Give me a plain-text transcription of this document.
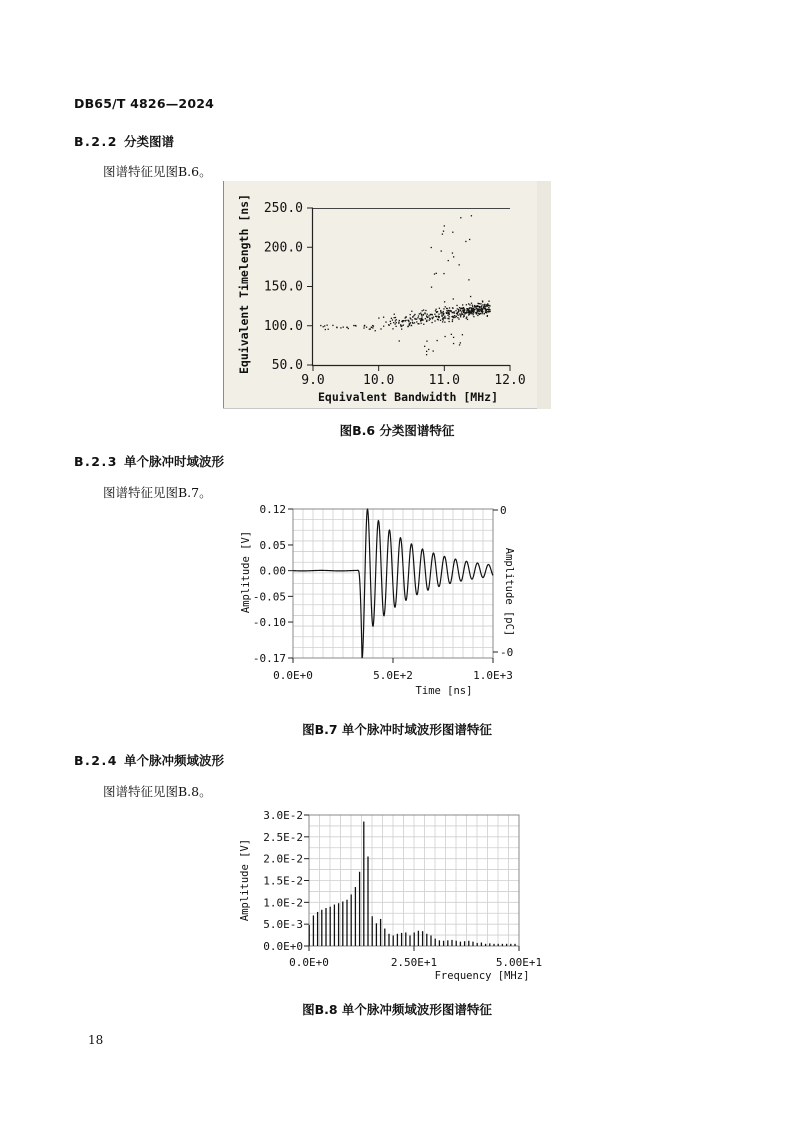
DB65/T 4826—2024
B.2.2 分类图谱
图谱特征见图B.6。
250.0
200.0
150.0
100.0
50.0
9.0	10.0	11.0	12.0
Equivalent Timelength [ns]
Equivalent Bandwidth [MHz]
图B.6 分类图谱特征
B.2.3 单个脉冲时域波形
图谱特征见图B.7。
0.12
0.05
0.00
-0.05
-0.10
-0.17
0
-0
0.0E+0	5.0E+2	1.0E+3
Amplitude [V]	Amplitude [pC]
Time [ns]
图B.7 单个脉冲时域波形图谱特征
B.2.4 单个脉冲频域波形
图谱特征见图B.8。
3.0E-2
2.5E-2
2.0E-2
1.5E-2
1.0E-2
5.0E-3
0.0E+0
0.0E+0	2.50E+1	5.00E+1
Amplitude [V]
Frequency [MHz]
图B.8 单个脉冲频域波形图谱特征
18
